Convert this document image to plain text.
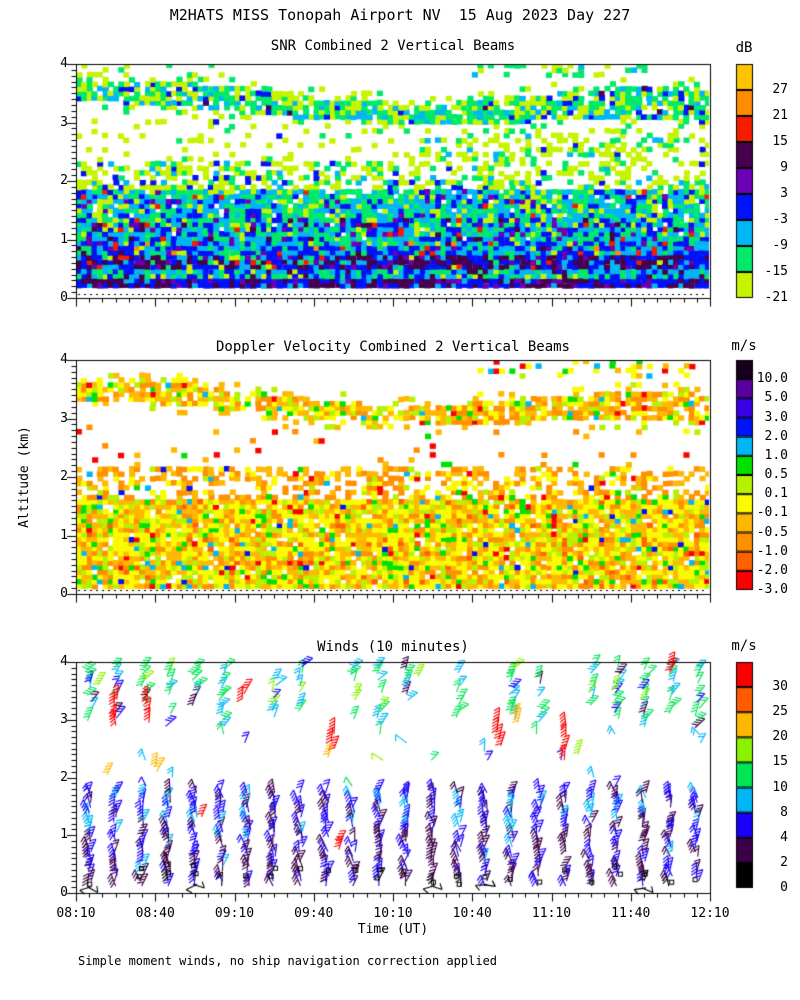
M2HATS MISS Tonopah Airport NV  15 Aug 2023 Day 227
SNR Combined 2 Vertical Beams	dB
Doppler Velocity Combined 2 Vertical Beams	m/s
Winds (10 minutes)	m/s
Time (UT)
Altitude (km)
Simple moment winds, no ship navigation correction applied
08:10	08:40	09:10	09:40	10:10	10:40	11:10	11:40	12:10
0
1
2
3
4
0
1
2
3
4
0
1
2
3
4
27
21
15
9
3
-3
-9
-15
-21
10.0
5.0
3.0
2.0
1.0
0.5
0.1
-0.1
-0.5
-1.0
-2.0
-3.0
30
25
20
15
10
8
4
2
0
